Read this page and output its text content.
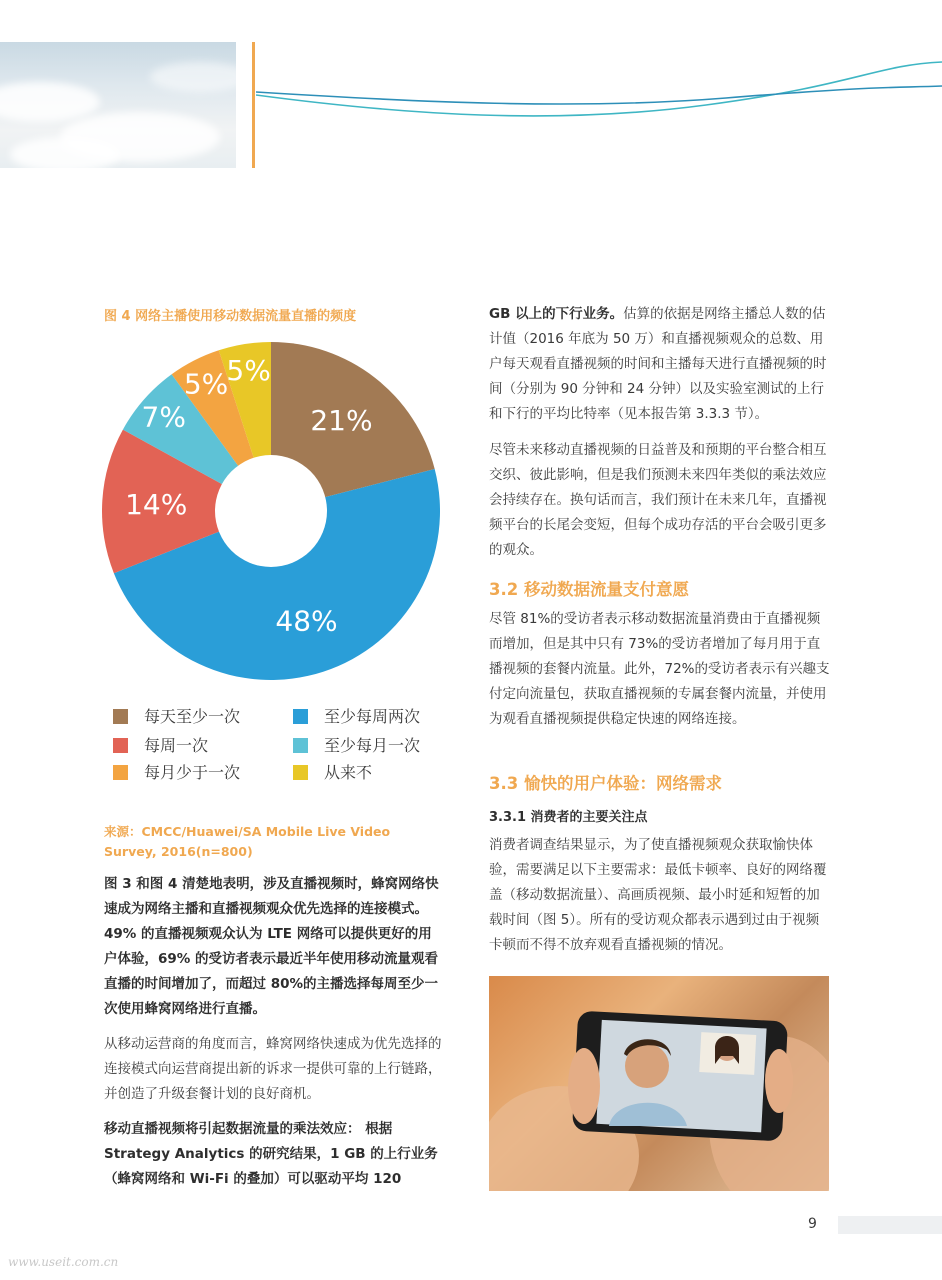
图 4 网络主播使用移动数据流量直播的频度
21%
48%
14%
7%
5%
5%
每天至少一次	至少每周两次
每周一次	至少每月一次
每月少于一次	从来不
来源：CMCC/Huawei/SA Mobile Live Video Survey, 2016(n=800)
图 3 和图 4 清楚地表明，涉及直播视频时，蜂窝网络快速成为网络主播和直播视频观众优先选择的连接模式。 49% 的直播视频观众认为 LTE 网络可以提供更好的用户体验，69% 的受访者表示最近半年使用移动流量观看直播的时间增加了，而超过 80%的主播选择每周至少一次使用蜂窝网络进行直播。
从移动运营商的角度而言，蜂窝网络快速成为优先选择的连接模式向运营商提出新的诉求一提供可靠的上行链路，并创造了升级套餐计划的良好商机。
移动直播视频将引起数据流量的乘法效应： 根据 Strategy Analytics 的研究结果，1 GB 的上行业务（蜂窝网络和 Wi-Fi 的叠加）可以驱动平均 120
GB 以上的下行业务。估算的依据是网络主播总人数的估计值（2016 年底为 50 万）和直播视频观众的总数、用户每天观看直播视频的时间和主播每天进行直播视频的时间（分别为 90 分钟和 24 分钟）以及实验室测试的上行和下行的平均比特率（见本报告第 3.3.3 节）。
尽管未来移动直播视频的日益普及和预期的平台整合相互交织、彼此影响，但是我们预测未来四年类似的乘法效应会持续存在。换句话而言，我们预计在未来几年，直播视频平台的长尾会变短，但每个成功存活的平台会吸引更多的观众。
3.2 移动数据流量支付意愿
尽管 81%的受访者表示移动数据流量消费由于直播视频而增加，但是其中只有 73%的受访者增加了每月用于直播视频的套餐内流量。此外，72%的受访者表示有兴趣支付定向流量包，获取直播视频的专属套餐内流量，并使用为观看直播视频提供稳定快速的网络连接。
3.3 愉快的用户体验：网络需求
3.3.1 消费者的主要关注点
消费者调查结果显示，为了使直播视频观众获取愉快体验，需要满足以下主要需求：最低卡顿率、良好的网络覆盖（移动数据流量）、高画质视频、最小时延和短暂的加载时间（图 5）。所有的受访观众都表示遇到过由于视频卡顿而不得不放弃观看直播视频的情况。
9
www.useit.com.cn
